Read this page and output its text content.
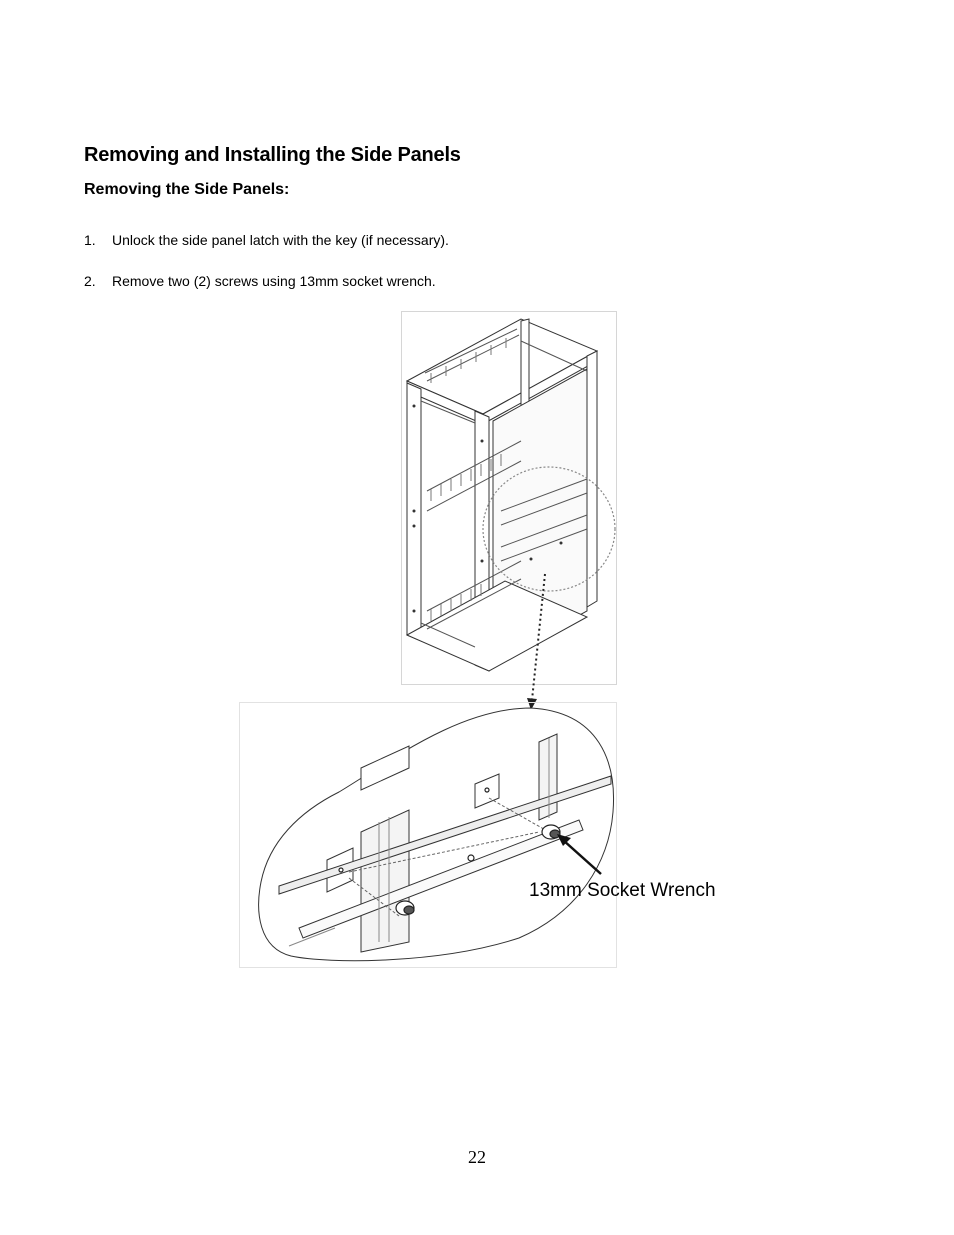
Removing and Installing the Side Panels
Removing the Side Panels:
1.	Unlock the side panel latch with the key (if necessary).
2.	Remove two (2) screws using 13mm socket wrench.
13mm Socket Wrench
22
